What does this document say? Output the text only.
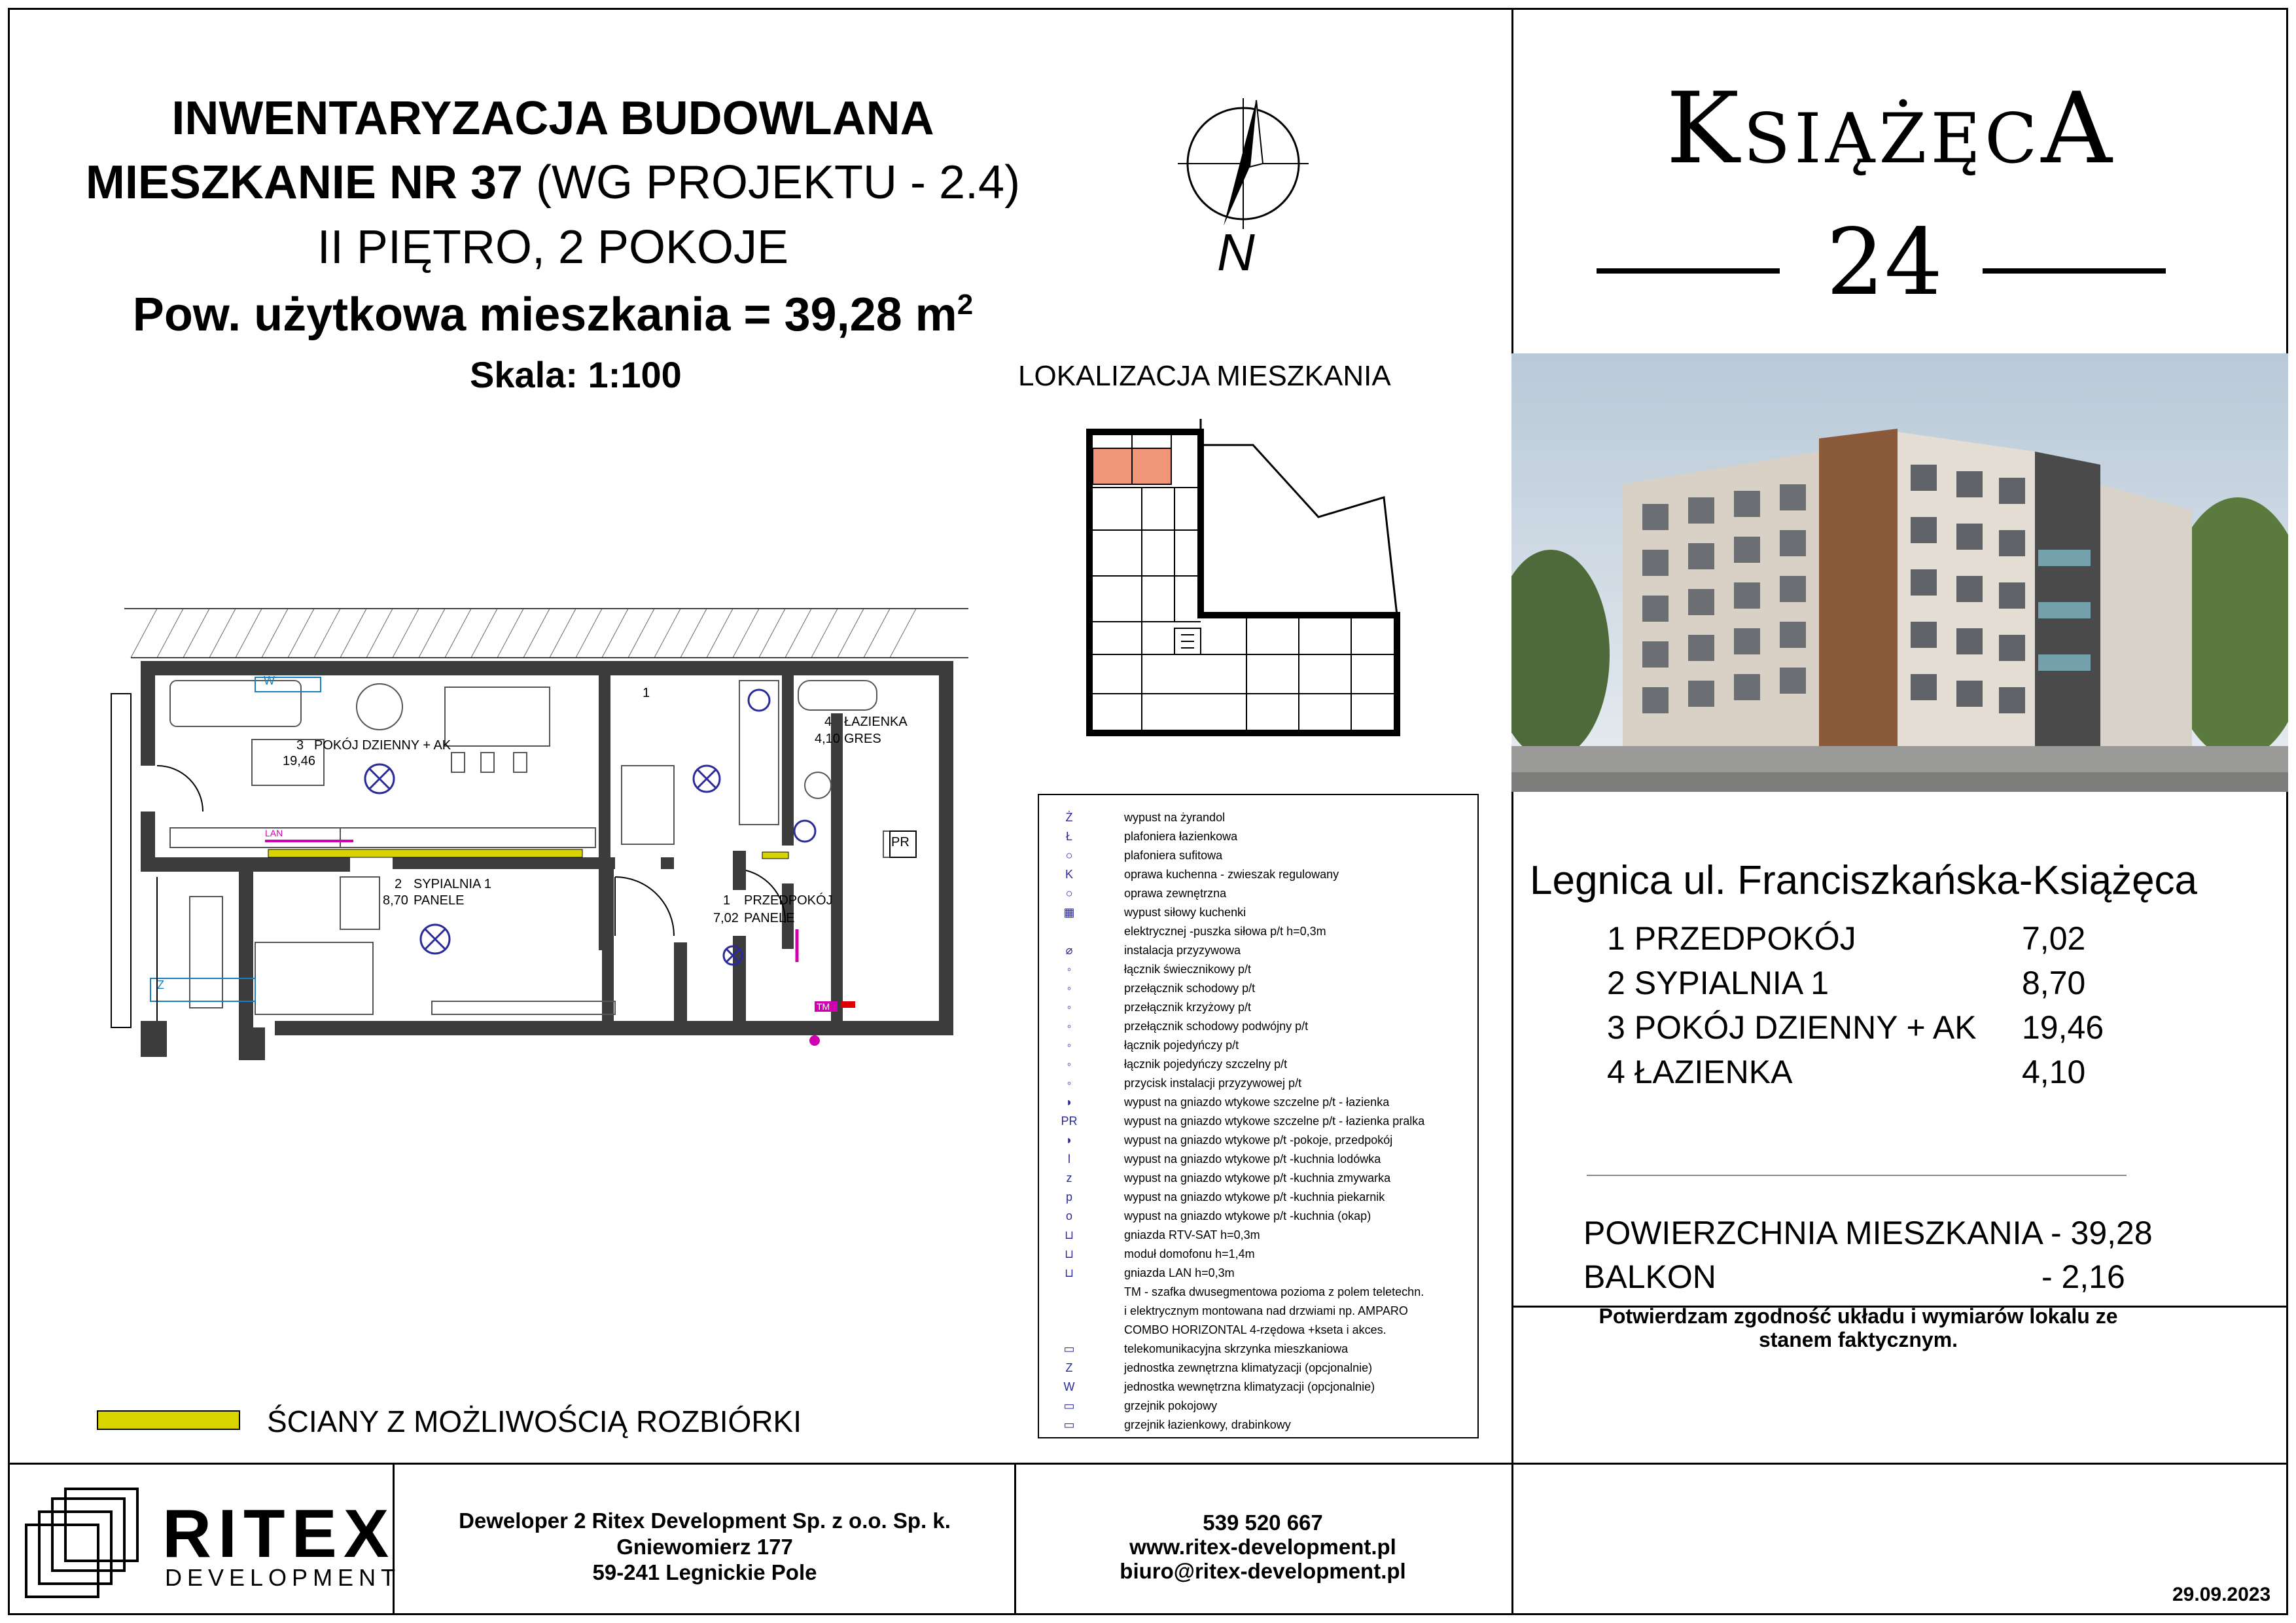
INWENTARYZACJA BUDOWLANA
MIESZKANIE NR 37 (WG PROJEKTU - 2.4)
II PIĘTRO, 2 POKOJE
Pow. użytkowa mieszkania = 39,28 $m^2$
Skala: 1:100
N
LOKALIZACJA MIESZKANIA
3
19,46
POKÓJ DZIENNY + AK
2
8,70
SYPIALNIA 1
PANELE	1
7,02
PRZEDPOKÓJ
PANELE
4
4,10
ŁAZIENKA
GRES
W
Z
PR
TM
LAN
1
Ż	wypust na żyrandol
Ł	plafoniera łazienkowa
○	plafoniera sufitowa
K	oprawa kuchenna - zwieszak regulowany
○	oprawa zewnętrzna
▦	wypust siłowy kuchenki
elektrycznej -puszka siłowa p/t h=0,3m
⌀	instalacja przyzywowa
◦	łącznik świecznikowy p/t
◦	przełącznik schodowy p/t
◦	przełącznik krzyżowy p/t
◦	przełącznik schodowy podwójny p/t
◦	łącznik pojedyńczy p/t
◦	łącznik pojedyńczy szczelny p/t
◦	przycisk instalacji przyzywowej p/t
◗	wypust na gniazdo wtykowe szczelne p/t - łazienka
PR	wypust na gniazdo wtykowe szczelne p/t - łazienka pralka
◗	wypust na gniazdo wtykowe p/t -pokoje, przedpokój
l	wypust na gniazdo wtykowe p/t -kuchnia lodówka
z	wypust na gniazdo wtykowe p/t -kuchnia zmywarka
p	wypust na gniazdo wtykowe p/t -kuchnia piekarnik
o	wypust na gniazdo wtykowe p/t -kuchnia (okap)
⊔	gniazda RTV-SAT h=0,3m
⊔	moduł domofonu h=1,4m
⊔	gniazda LAN h=0,3m
TM - szafka dwusegmentowa pozioma z polem teletechn.
i elektrycznym montowana nad drzwiami np. AMPARO
COMBO HORIZONTAL 4-rzędowa +kseta i akces.
▭	telekomunikacyjna skrzynka mieszkaniowa
Z	jednostka zewnętrzna klimatyzacji (opcjonalnie)
W	jednostka wewnętrzna klimatyzacji (opcjonalnie)
▭	grzejnik pokojowy
▭	grzejnik łazienkowy, drabinkowy
ŚCIANY Z MOŻLIWOŚCIĄ ROZBIÓRKI
KsiążęcA
24
Legnica ul. Franciszkańska-Książęca
1 PRZEDPOKÓJ	7,02
2 SYPIALNIA 1	8,70
3 POKÓJ DZIENNY + AK 19,46
4 ŁAZIENKA	4,10
POWIERZCHNIA MIESZKANIA - 39,28
BALKON	- 2,16
Potwierdzam zgodność układu i wymiarów lokalu ze stanem faktycznym.
RITEX
DEVELOPMENT
Deweloper 2 Ritex Development Sp. z o.o. Sp. k.
Gniewomierz 177
59-241 Legnickie Pole
539 520 667
www.ritex-development.pl
biuro@ritex-development.pl
29.09.2023
